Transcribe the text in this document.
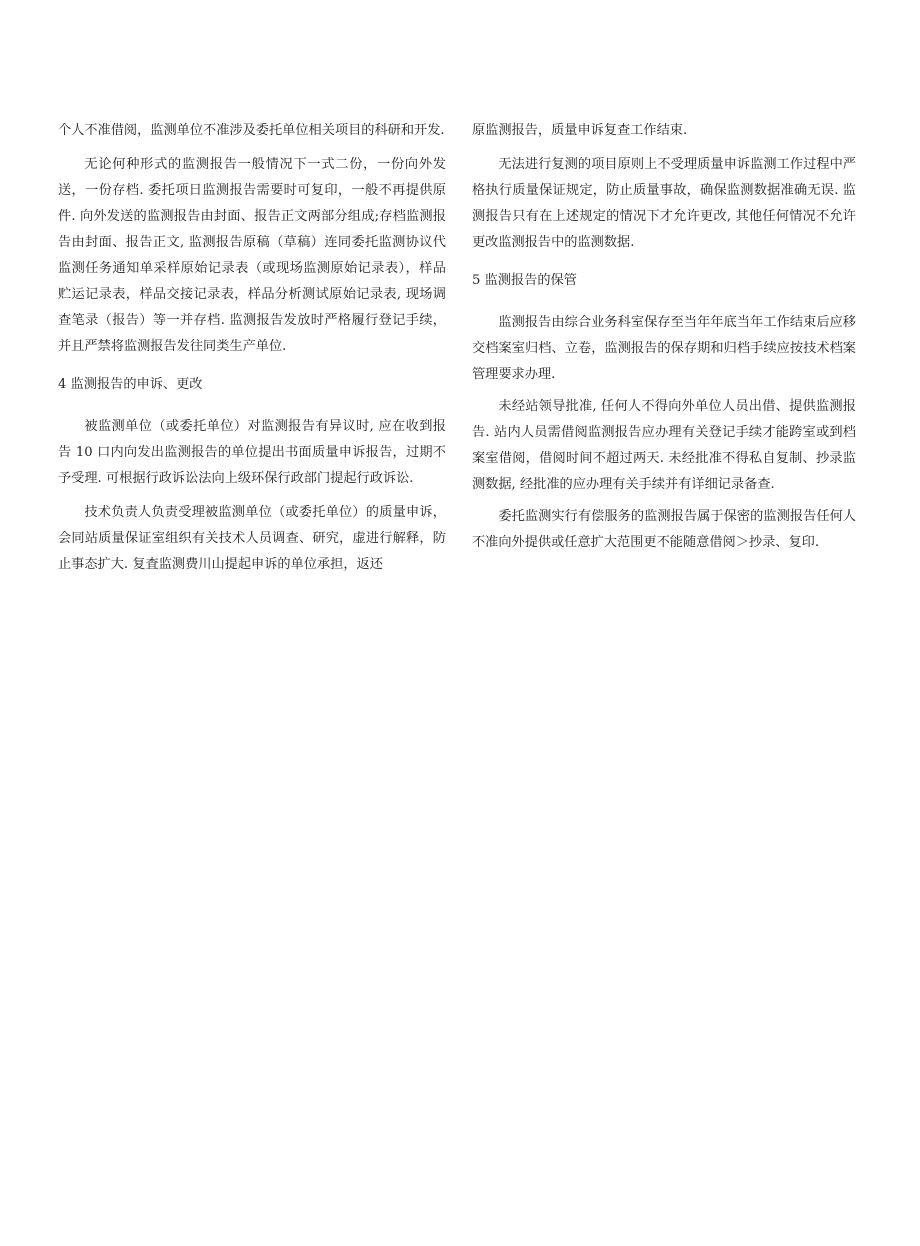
个人不准借阅，监测单位不准涉及委托单位相关项目的科研和开发.

无论何种形式的监测报告一般情况下一式二份，一份向外发送，一份存档. 委托项日监测报告需要时可复印，一般不再提供原件. 向外发送的监测报告由封面、报告正文两部分组成;存档监测报告由封面、报告正文, 监测报告原稿（草稿）连同委托监测协议代监测任务通知单采样原始记录表（或现场监测原始记录表），样品贮运记录表，样品交接记录表，样品分析测试原始记录表, 现场调查笔录（报告）等一并存档. 监测报告发放时严格履行登记手续，并且严禁将监测报告发往同类生产单位.

4 监测报告的申诉、更改

被监测单位（或委托单位）对监测报告有异议时, 应在收到报告 10 口内向发出监测报告的单位提出书面质量申诉报告，过期不予受理. 可根据行政诉讼法向上级环保行政部门提起行政诉讼.

技术负责人负责受理被监测单位（或委托单位）的质量申诉，会同站质量保证室组织有关技术人员调查、研究，虚进行解释，防止事态扩大. 复査监测费川山提起申诉的单位承担，返还

原监测报告，质量申诉复查工作结束.

无法进行复测的项目原则上不受理质量申诉监测工作过程中严格执行质量保证规定，防止质量事故，确保监测数据准确无误. 监测报告只有在上述规定的情况下才允许更改, 其他任何情况不允许更改监测报告中的监测数据.

5 监测报告的保管

监测报告由综合业务科室保存至当年年底当年工作结束后应移交档案室归档、立卷，监测报告的保存期和归档手续应按技术档案管理要求办理.

未经站领导批准, 任何人不得向外单位人员出借、提供监测报告. 站内人员需借阅监测报告应办理有关登记手续才能跨室或到档案室借阅，借阅时间不超过两天. 未经批准不得私自复制、抄录监测数据, 经批准的应办理有关手续并有详细记录备查.

委托监测实行有偿服务的监测报告属于保密的监测报告任何人不准向外提供或任意扩大范围更不能随意借阅＞抄录、复印.
